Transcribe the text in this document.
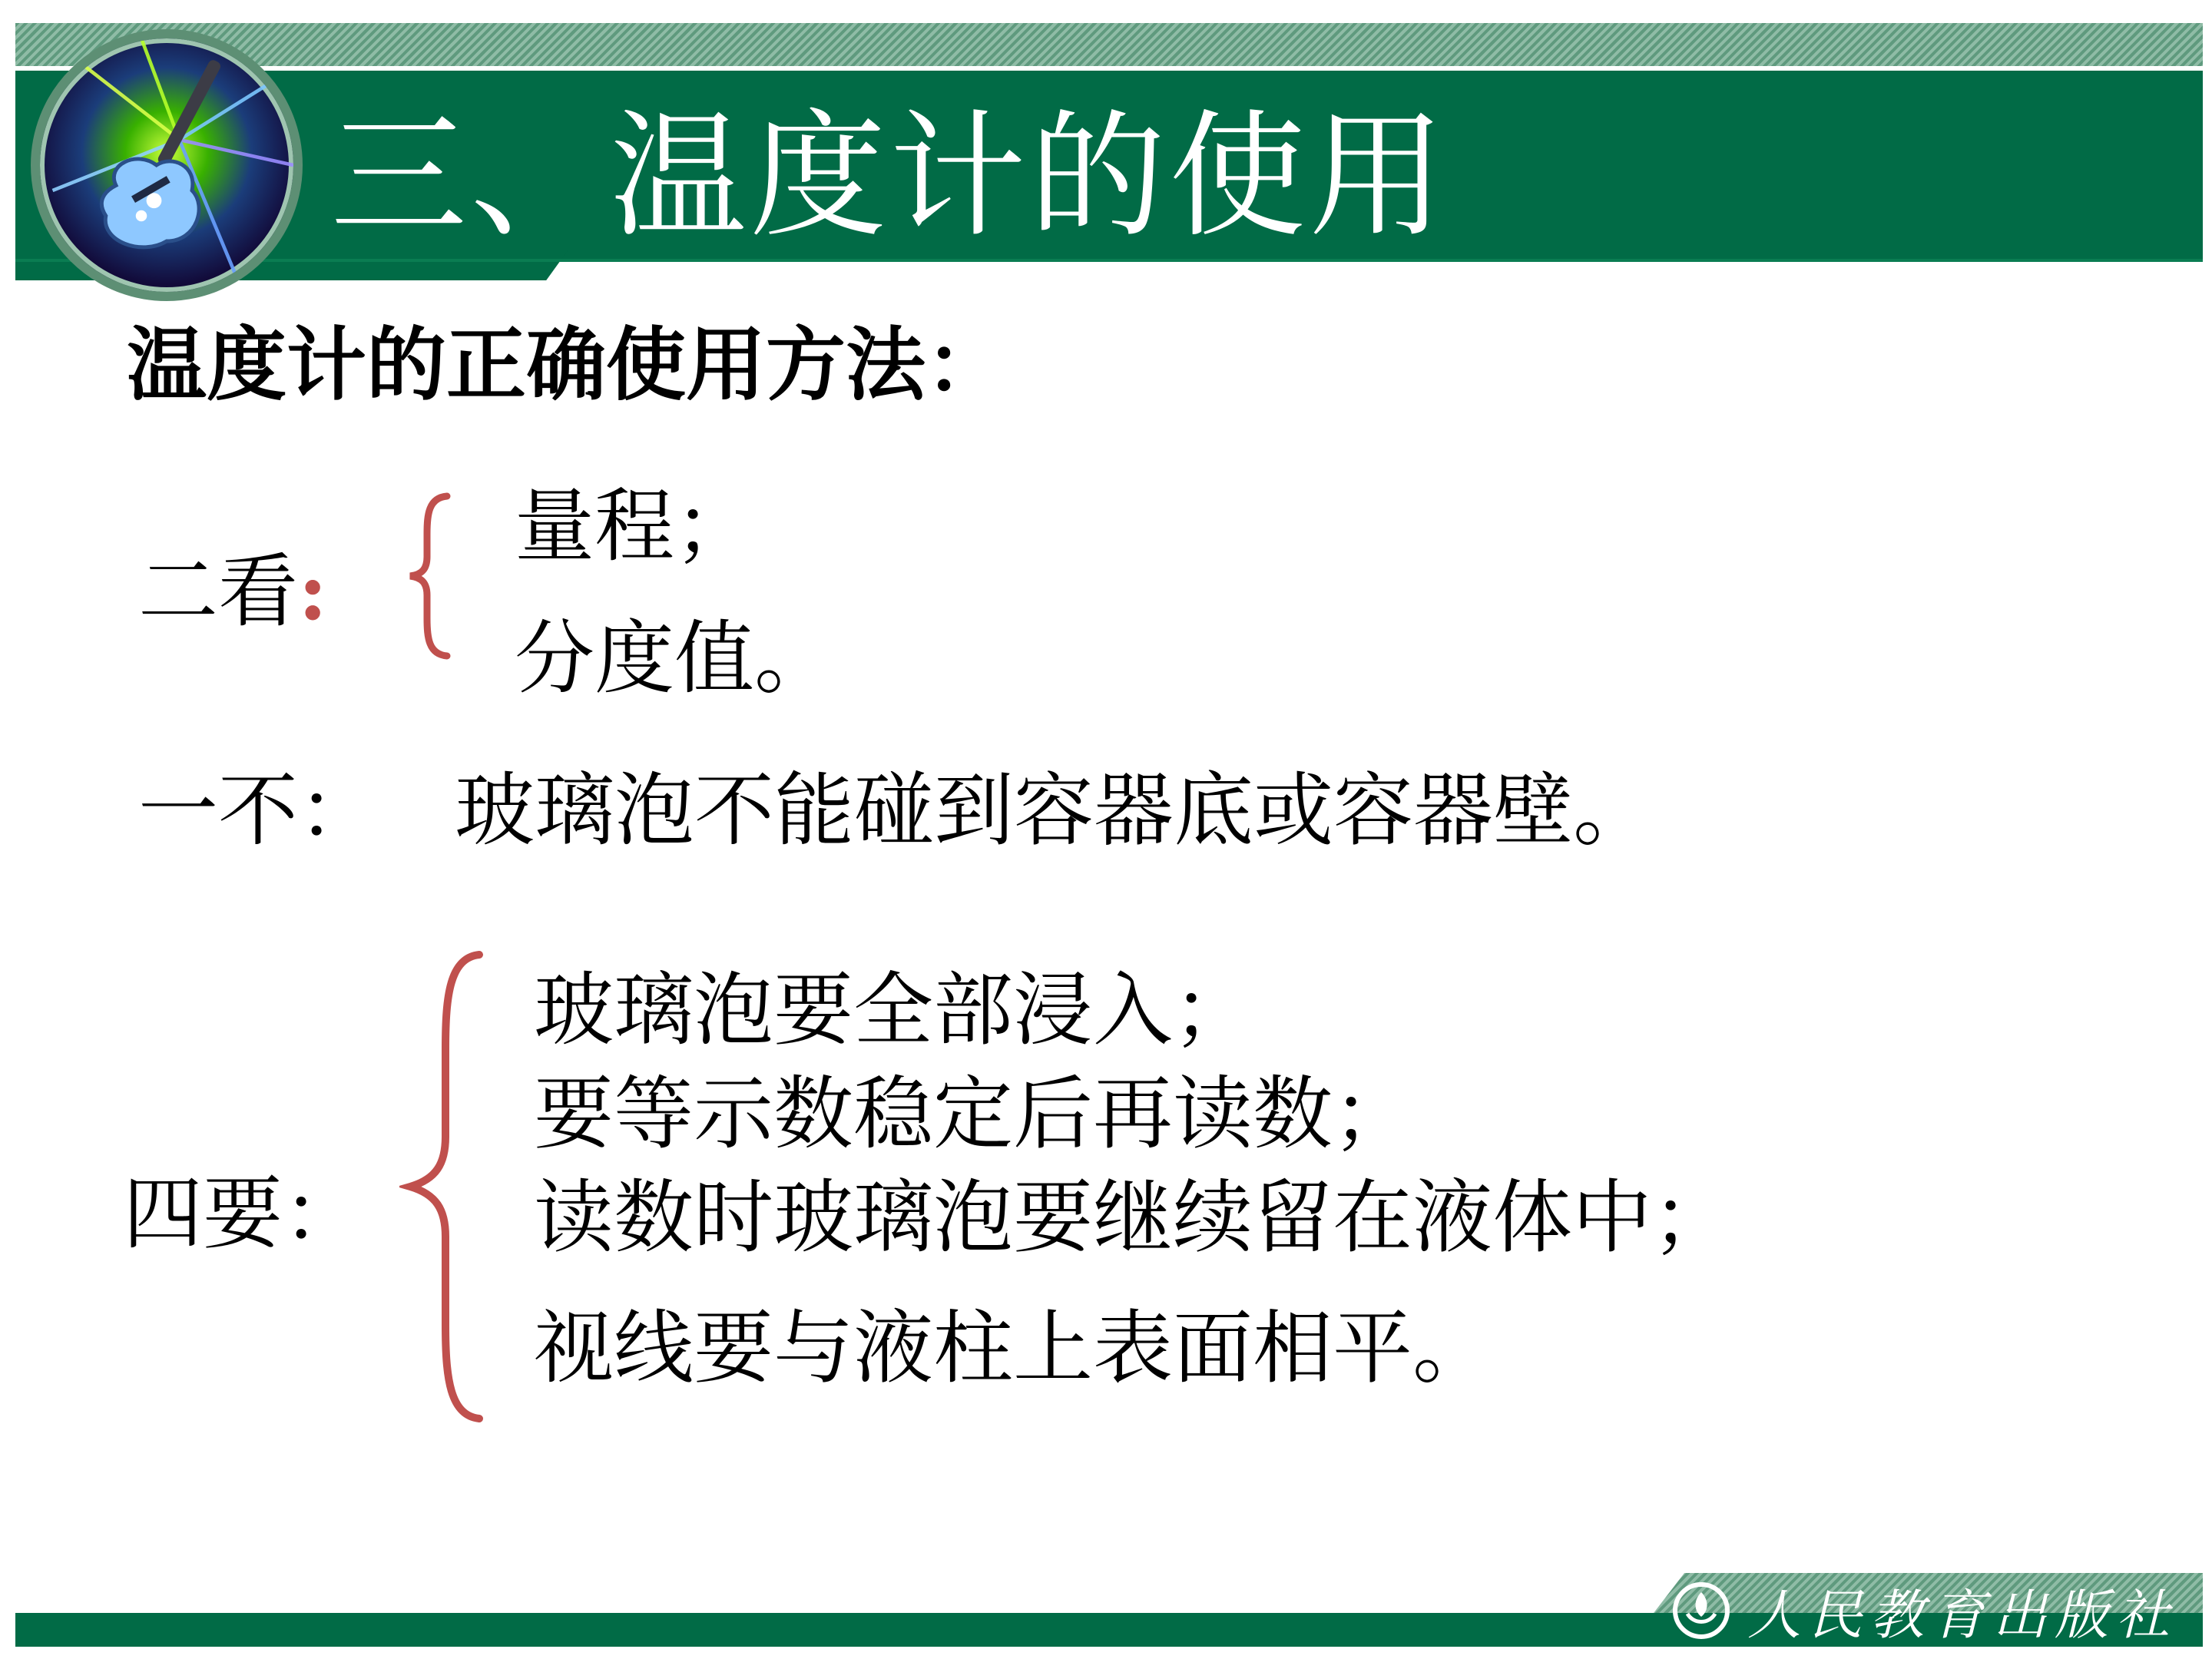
三、温度计的使用
温度计的正确使用方法：
二看:
量程；
分度值。
一不： 玻璃泡不能碰到容器底或容器壁。
四要：
玻璃泡要全部浸入；
要等示数稳定后再读数；
读数时玻璃泡要继续留在液体中；
视线要与液柱上表面相平。
人民教育出版社
